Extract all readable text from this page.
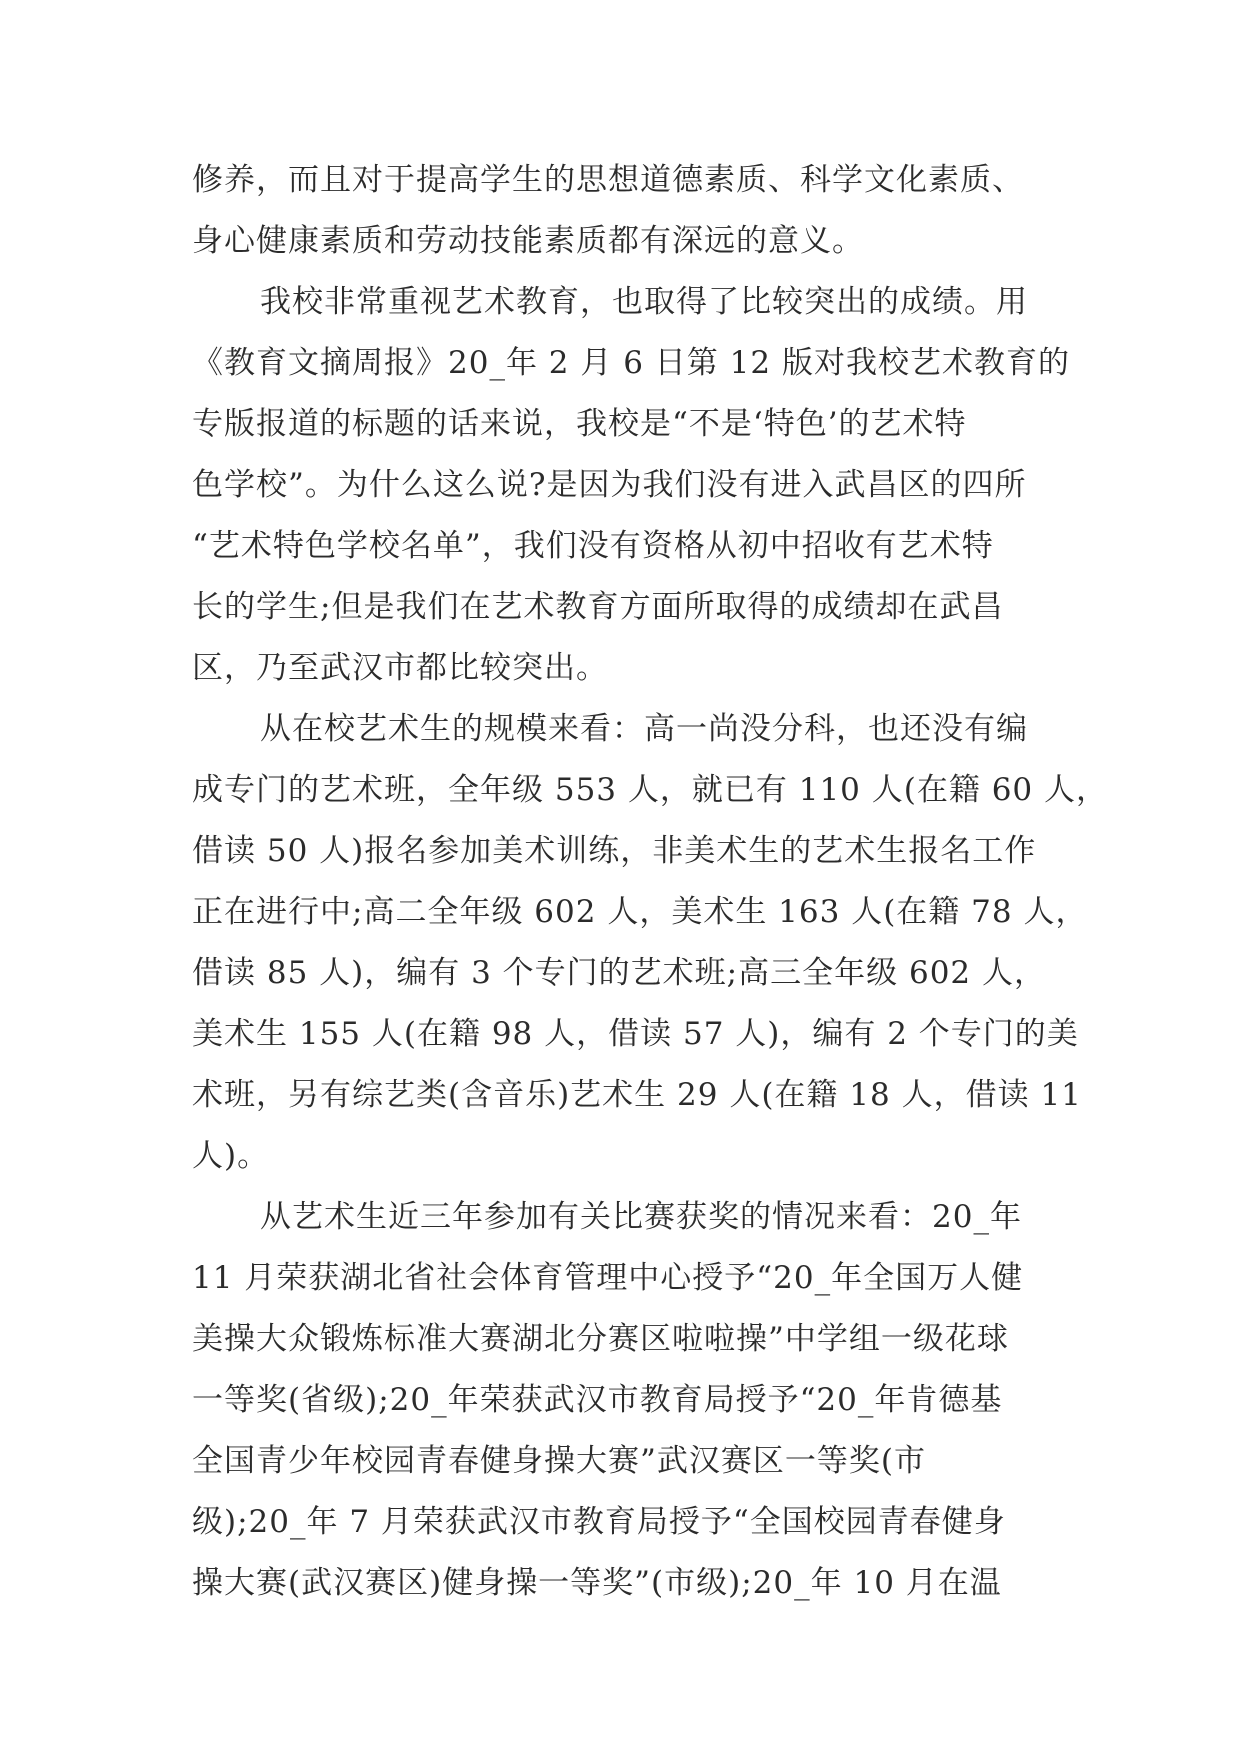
修养，而且对于提高学生的思想道德素质、科学文化素质、
身心健康素质和劳动技能素质都有深远的意义。
我校非常重视艺术教育，也取得了比较突出的成绩。用
《教育文摘周报》20_年 2 月 6 日第 12 版对我校艺术教育的
专版报道的标题的话来说，我校是“不是‘特色’的艺术特
色学校”。为什么这么说?是因为我们没有进入武昌区的四所
“艺术特色学校名单”，我们没有资格从初中招收有艺术特
长的学生;但是我们在艺术教育方面所取得的成绩却在武昌
区，乃至武汉市都比较突出。
从在校艺术生的规模来看：高一尚没分科，也还没有编
成专门的艺术班，全年级 553 人，就已有 110 人(在籍 60 人，
借读 50 人)报名参加美术训练，非美术生的艺术生报名工作
正在进行中;高二全年级 602 人，美术生 163 人(在籍 78 人，
借读 85 人)，编有 3 个专门的艺术班;高三全年级 602 人，
美术生 155 人(在籍 98 人，借读 57 人)，编有 2 个专门的美
术班，另有综艺类(含音乐)艺术生 29 人(在籍 18 人，借读 11
人)。
从艺术生近三年参加有关比赛获奖的情况来看：20_年
11 月荣获湖北省社会体育管理中心授予“20_年全国万人健
美操大众锻炼标准大赛湖北分赛区啦啦操”中学组一级花球
一等奖(省级);20_年荣获武汉市教育局授予“20_年肯德基
全国青少年校园青春健身操大赛”武汉赛区一等奖(市
级);20_年 7 月荣获武汉市教育局授予“全国校园青春健身
操大赛(武汉赛区)健身操一等奖”(市级);20_年 10 月在温
